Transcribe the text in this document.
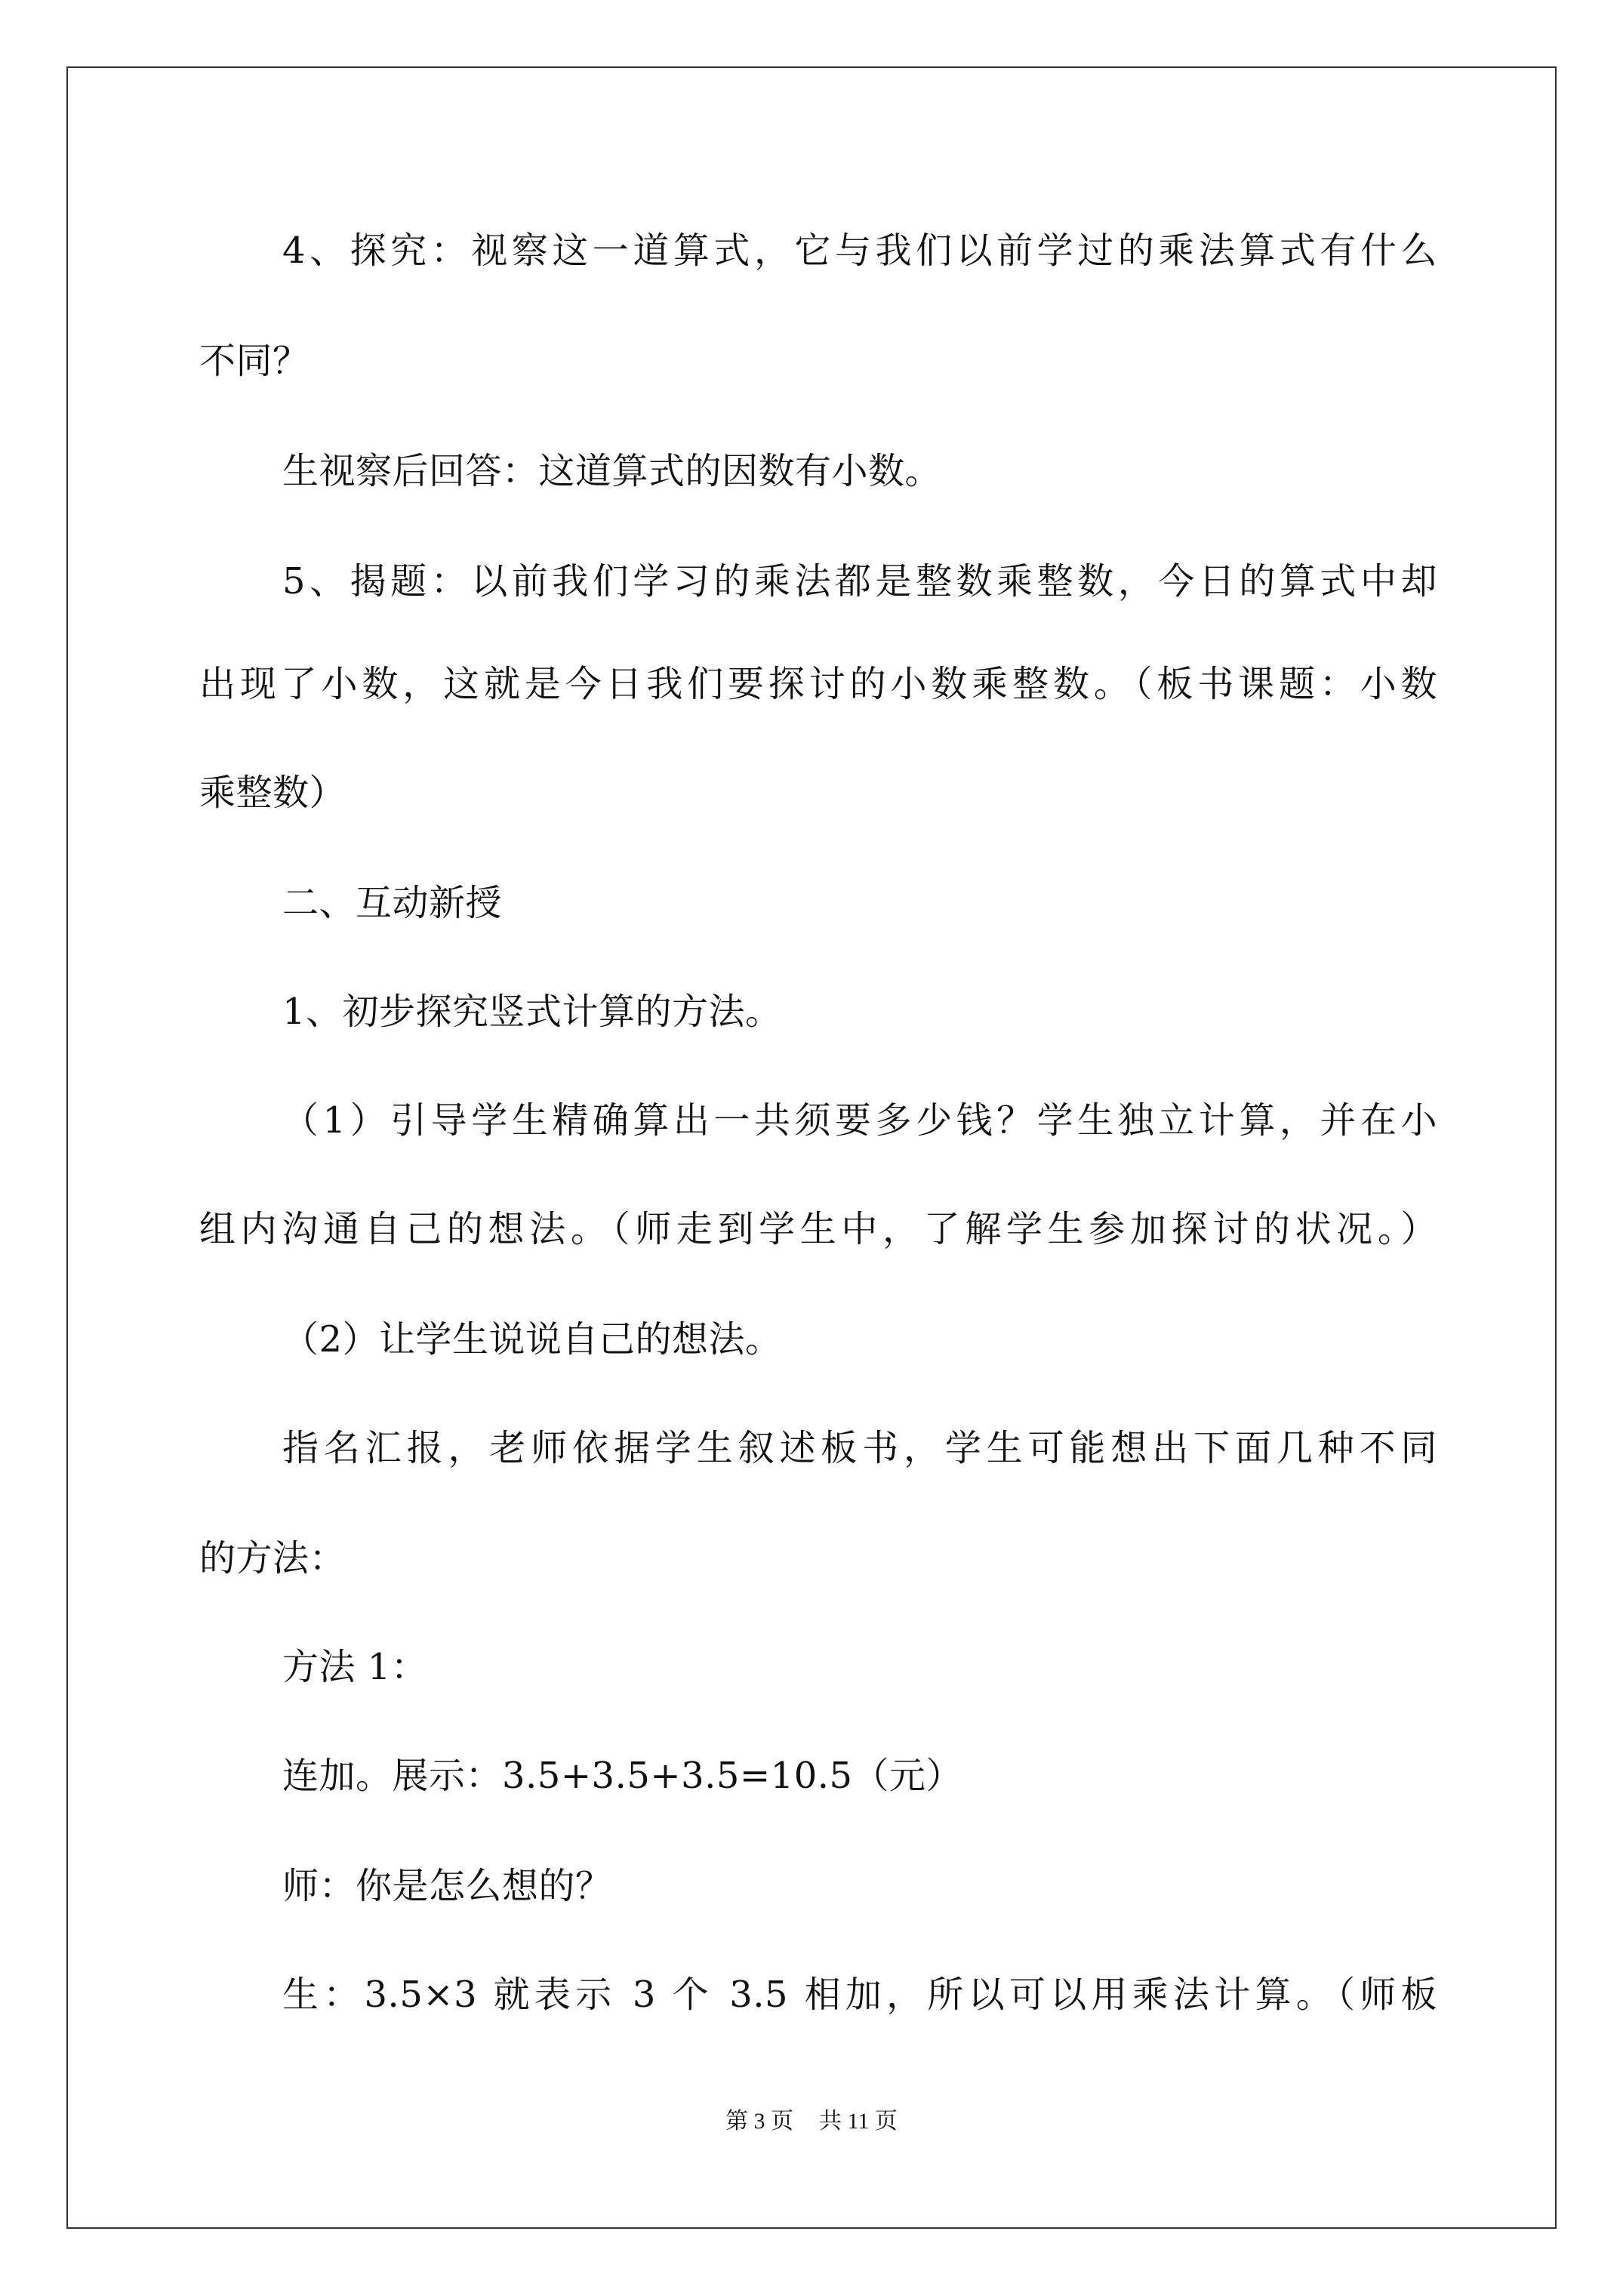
4、探究：视察这一道算式，它与我们以前学过的乘法算式有什么
不同？
生视察后回答：这道算式的因数有小数。
5、揭题：以前我们学习的乘法都是整数乘整数，今日的算式中却
出现了小数，这就是今日我们要探讨的小数乘整数。（板书课题：小数
乘整数）
二、互动新授
1、初步探究竖式计算的方法。
（1）引导学生精确算出一共须要多少钱？学生独立计算，并在小
组内沟通自己的想法。（师走到学生中，了解学生参加探讨的状况。）
（2）让学生说说自己的想法。
指名汇报，老师依据学生叙述板书，学生可能想出下面几种不同
的方法：
方法 1：
连加。展示：3.5+3.5+3.5=10.5（元）
师：你是怎么想的？
生：3.5×3 就表示 3 个 3.5 相加，所以可以用乘法计算。（师板
第 3 页 共 11 页
